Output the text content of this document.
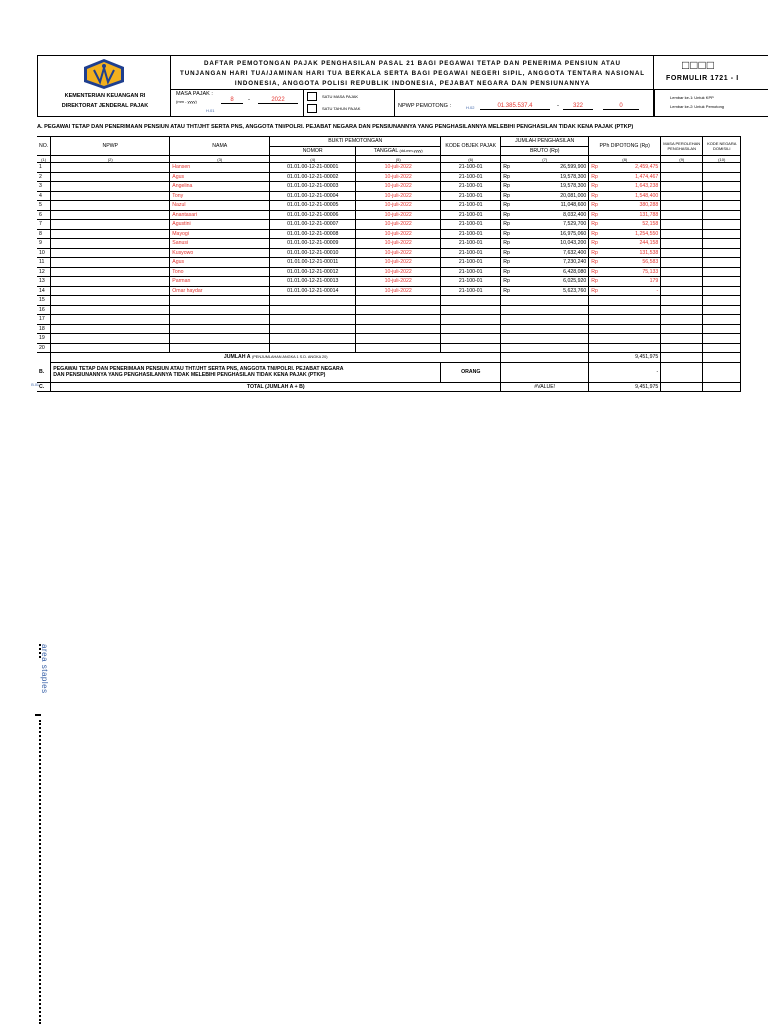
KEMENTERIAN KEUANGAN RI
DIREKTORAT JENDERAL PAJAK
DAFTAR PEMOTONGAN PAJAK PENGHASILAN PASAL 21 BAGI PEGAWAI TETAP DAN PENERIMA PENSIUN ATAU
TUNJANGAN HARI TUA/JAMINAN HARI TUA BERKALA SERTA BAGI PEGAWAI NEGERI SIPIL, ANGGOTA TENTARA NASIONAL
INDONESIA, ANGGOTA POLISI REPUBLIK INDONESIA, PEJABAT NEGARA DAN PENSIUNANNYA
□□□□
FORMULIR 1721 - I
MASA PAJAK :
(mm - yyyy)
H.01
8	-	2022
SATU MASA PAJAK
SATU TAHUN PAJAK	NPWP PEMOTONG :	H.02	01.385.537.4	-	322	0
Lembar ke-1 : Untuk KPP
Lembar ke-2 : Untuk Pemotong
A. PEGAWAI TETAP DAN PENERIMAAN PENSIUN ATAU THT/JHT SERTA PNS, ANGGOTA TNI/POLRI. PEJABAT NEGARA DAN PENSIUNANNYA YANG PENGHASILANNYA MELEBIHI PENGHASILAN TIDAK KENA PAJAK (PTKP)
NO.	NPWP	NAMA	BUKTI PEMOTONGAN		KODE OBJEK PAJAK	JUMLAH PENGHASILAN	PPh DIPOTONG (Rp)	MASA PEROLEHAN PENGHASILAN	KODE NEGARA DOMISILI
			NOMOR	TANGGAL (dd-mm-yyyy)		BRUTO (Rp)			
(1)	(2)	(3)	(4)	(5)	(6)	(7)	(8)	(9)	(10)
1		Hansen	01.01.00-12-21-00001	10-juli-2022	21-100-01	Rp 26,599,900	Rp 2,459,475		

2		Agus	01.01.00-12-21-00002	10-juli-2022	21-100-01	Rp 19,578,300	Rp 1,474,467		

3		Angelina	01.01.00-12-21-00003	10-juli-2022	21-100-01	Rp 19,578,300	Rp 1,643,238		

4		Tony	01.01.00-12-21-00004	10-juli-2022	21-100-01	Rp 20,081,000	Rp 1,548,400		

5		Nazul	01.01.00-12-21-00005	10-juli-2022	21-100-01	Rp 11,048,600	Rp 380,288		

6		Anantasari	01.01.00-12-21-00006	10-juli-2022	21-100-01	Rp 8,032,400	Rp 131,788		

7		Agustini	01.01.00-12-21-00007	10-juli-2022	21-100-01	Rp 7,529,700	Rp 52,158		

8		Mayogi	01.01.00-12-21-00008	10-juli-2022	21-100-01	Rp 16,975,060	Rp 1,254,550		

9		Sanusi	01.01.00-12-21-00009	10-juli-2022	21-100-01	Rp 10,043,200	Rp 244,158		

10		Kusyowo	01.01.00-12-21-00010	10-juli-2022	21-100-01	Rp 7,632,400	Rp 131,538		

11		Agus	01.01.00-12-21-00011	10-juli-2022	21-100-01	Rp 7,230,240	Rp 56,583		

12		Tono	01.01.00-12-21-00012	10-juli-2022	21-100-01	Rp 6,428,080	Rp 75,133		

13		Parman	01.01.00-12-21-00013	10-juli-2022	21-100-01	Rp 6,025,920	Rp 179		

14		Omar haydar	01.01.00-12-21-00014	10-juli-2022	21-100-01	Rp 5,623,760	Rp -		

15									
16									
17									
18									
19									
20									
	JUMLAH A (PENJUMLAHAN ANGKA 1 S.D. ANGKA 20)						9,451,975		
B.	PEGAWAI TETAP DAN PENERIMAAN PENSIUN ATAU THT/JHT SERTA PNS, ANGGOTA TNI/POLRI. PEJABAT NEGARA
DAN PENSIUNANNYA YANG PENGHASILANNYA TIDAK MELEBIHI PENGHASILAN TIDAK KENA PAJAK (PTKP)
B.01				ORANG		-		
C.	TOTAL (JUMLAH A + B)					#VALUE!	9,451,975		
area staples
